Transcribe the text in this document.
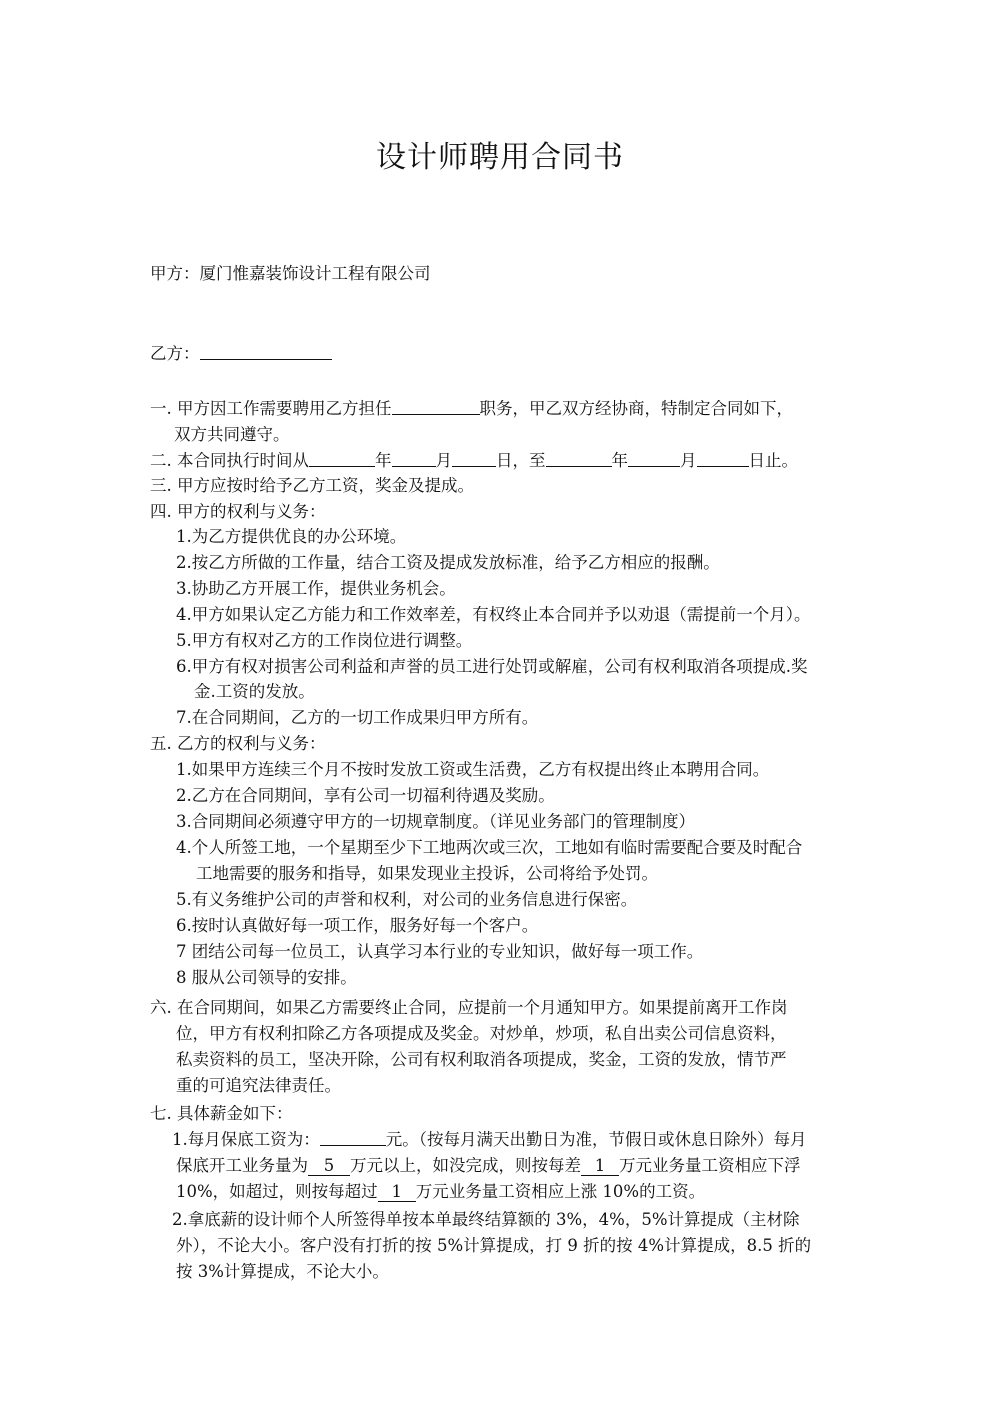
设计师聘用合同书
甲方：厦门惟嘉装饰设计工程有限公司
乙方：
一. 甲方因工作需要聘用乙方担任	职务，甲乙双方经协商，特制定合同如下，
双方共同遵守。
二. 本合同执行时间从	年	月	日，至	年	月	日止。
三. 甲方应按时给予乙方工资，奖金及提成。
四. 甲方的权利与义务：
1.为乙方提供优良的办公环境。
2.按乙方所做的工作量，结合工资及提成发放标准，给予乙方相应的报酬。
3.协助乙方开展工作，提供业务机会。
4.甲方如果认定乙方能力和工作效率差，有权终止本合同并予以劝退（需提前一个月）。
5.甲方有权对乙方的工作岗位进行调整。
6.甲方有权对损害公司利益和声誉的员工进行处罚或解雇，公司有权利取消各项提成.奖
金.工资的发放。
7.在合同期间，乙方的一切工作成果归甲方所有。
五. 乙方的权利与义务：
1.如果甲方连续三个月不按时发放工资或生活费，乙方有权提出终止本聘用合同。
2.乙方在合同期间，享有公司一切福利待遇及奖励。
3.合同期间必须遵守甲方的一切规章制度。（详见业务部门的管理制度）
4.个人所签工地，一个星期至少下工地两次或三次，工地如有临时需要配合要及时配合
工地需要的服务和指导，如果发现业主投诉，公司将给予处罚。
5.有义务维护公司的声誉和权利，对公司的业务信息进行保密。
6.按时认真做好每一项工作，服务好每一个客户。
7 团结公司每一位员工，认真学习本行业的专业知识，做好每一项工作。
8 服从公司领导的安排。
六. 在合同期间，如果乙方需要终止合同，应提前一个月通知甲方。如果提前离开工作岗
位，甲方有权利扣除乙方各项提成及奖金。对炒单，炒项，私自出卖公司信息资料，
私卖资料的员工，坚决开除，公司有权利取消各项提成，奖金，工资的发放，情节严
重的可追究法律责任。
七. 具体薪金如下：
1.每月保底工资为：	元。（按每月满天出勤日为准，节假日或休息日除外）每月
保底开工业务量为 5 万元以上，如没完成，则按每差 1 万元业务量工资相应下浮
10%，如超过，则按每超过 1 万元业务量工资相应上涨 10%的工资。
2.拿底薪的设计师个人所签得单按本单最终结算额的 3%，4%，5%计算提成（主材除
外），不论大小。客户没有打折的按 5%计算提成，打 9 折的按 4%计算提成，8.5 折的
按 3%计算提成，不论大小。
